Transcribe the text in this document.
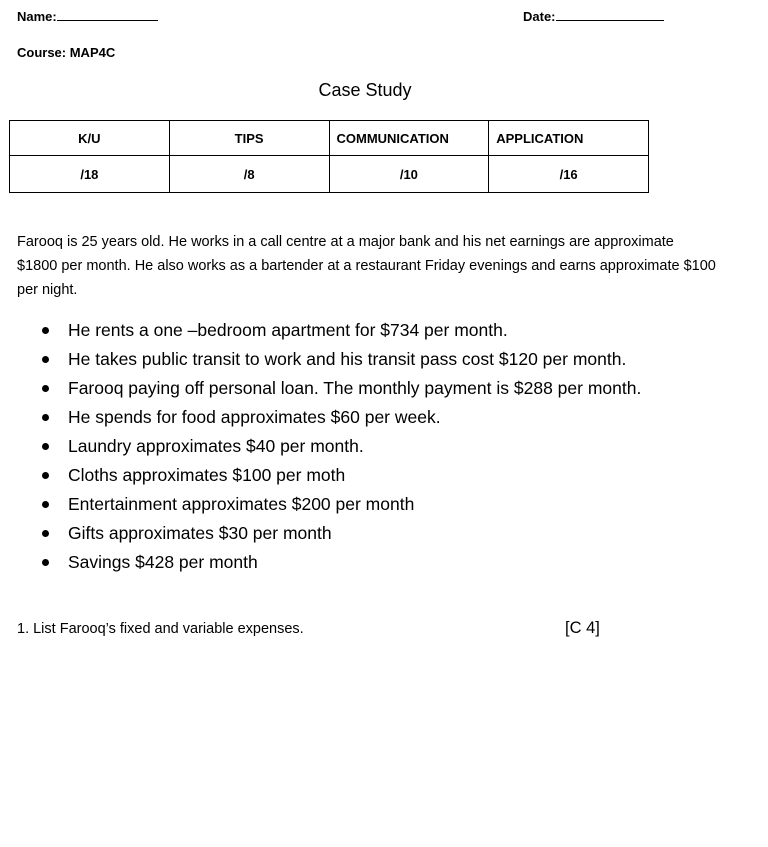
Name:	Date:
Course: MAP4C
Case Study
K/U	TIPS	COMMUNICATION	APPLICATION
/18	/8	/10	/16
Farooq is 25 years old. He works in a call centre at a major bank and his net earnings are approximate $1800 per month. He also works as a bartender at a restaurant Friday evenings and earns approximate $100 per night.
He rents a one –bedroom apartment for $734 per month.
He takes public transit to work and his transit pass cost $120 per month.
Farooq paying off personal loan. The monthly payment is $288 per month.
He spends for food approximates $60 per week.
Laundry approximates $40 per month.
Cloths approximates $100 per moth
Entertainment approximates $200 per month
Gifts approximates $30 per month
Savings $428 per month
1. List Farooq’s fixed and variable expenses.	[C 4]
